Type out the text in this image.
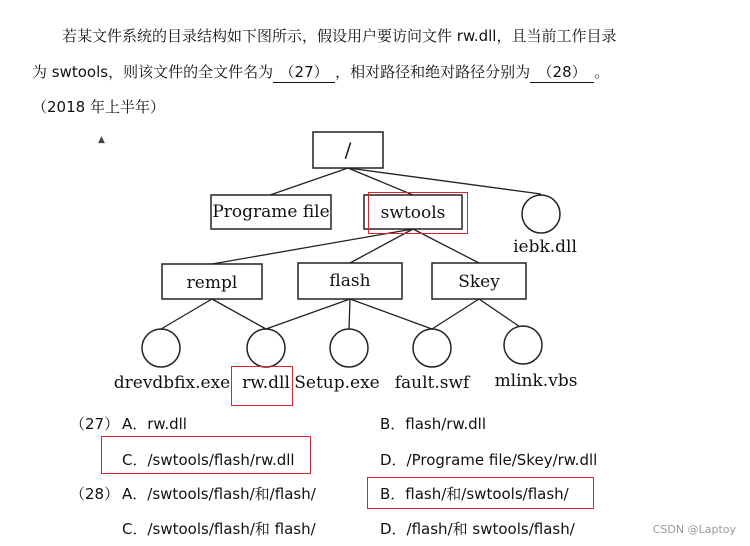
若某文件系统的目录结构如下图所示，假设用户要访问文件 rw.dll，且当前工作目录
为 swtools，则该文件的全文件名为 （27） ，相对路径和绝对路径分别为 （28） 。
（2018 年上半年）
▲	/
Programe file	swtools
iebk.dll
rempl	flash	Skey
drevdbfix.exe rw.dll Setup.exe fault.swf mlink.vbs
（27） A．rw.dll	B．flash/rw.dll
C．/swtools/flash/rw.dll	D．/Programe file/Skey/rw.dll
（28） A．/swtools/flash/和/flash/	B．flash/和/swtools/flash/
C．/swtools/flash/和 flash/	D．/flash/和 swtools/flash/	CSDN @Laptoy
